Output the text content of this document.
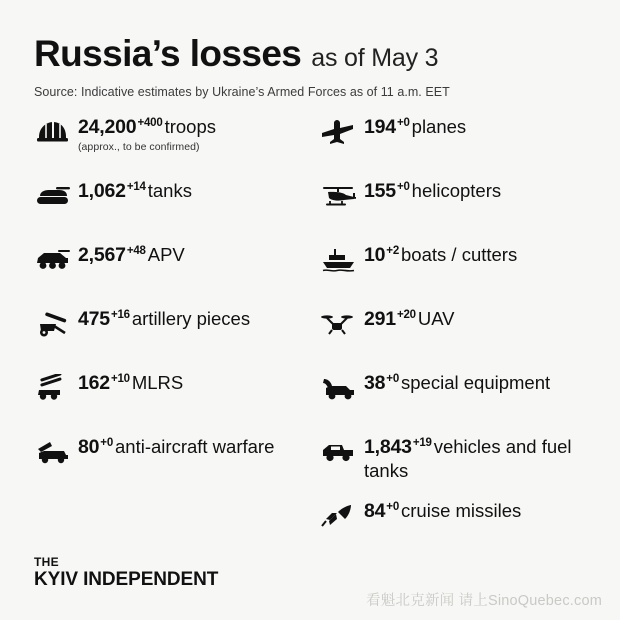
Russia’s losses as of May 3
Source: Indicative estimates by Ukraine’s Armed Forces as of 11 a.m. EET
$24,200^{+400}$ troops
(approx., to be confirmed)
$1,062^{+14}$ tanks
$2,567^{+48}$ APV
$475^{+16}$ artillery pieces
$162^{+10}$ MLRS
$80^{+0}$ anti-aircraft warfare
$194^{+0}$ planes
$155^{+0}$ helicopters
$10^{+2}$ boats / cutters
$291^{+20}$ UAV
$38^{+0}$ special equipment
$1,843^{+19}$ vehicles and fuel tanks
$84^{+0}$ cruise missiles
THE
KYIV INDEPENDENT
看魁北克新闻 请上SinoQuebec.com
